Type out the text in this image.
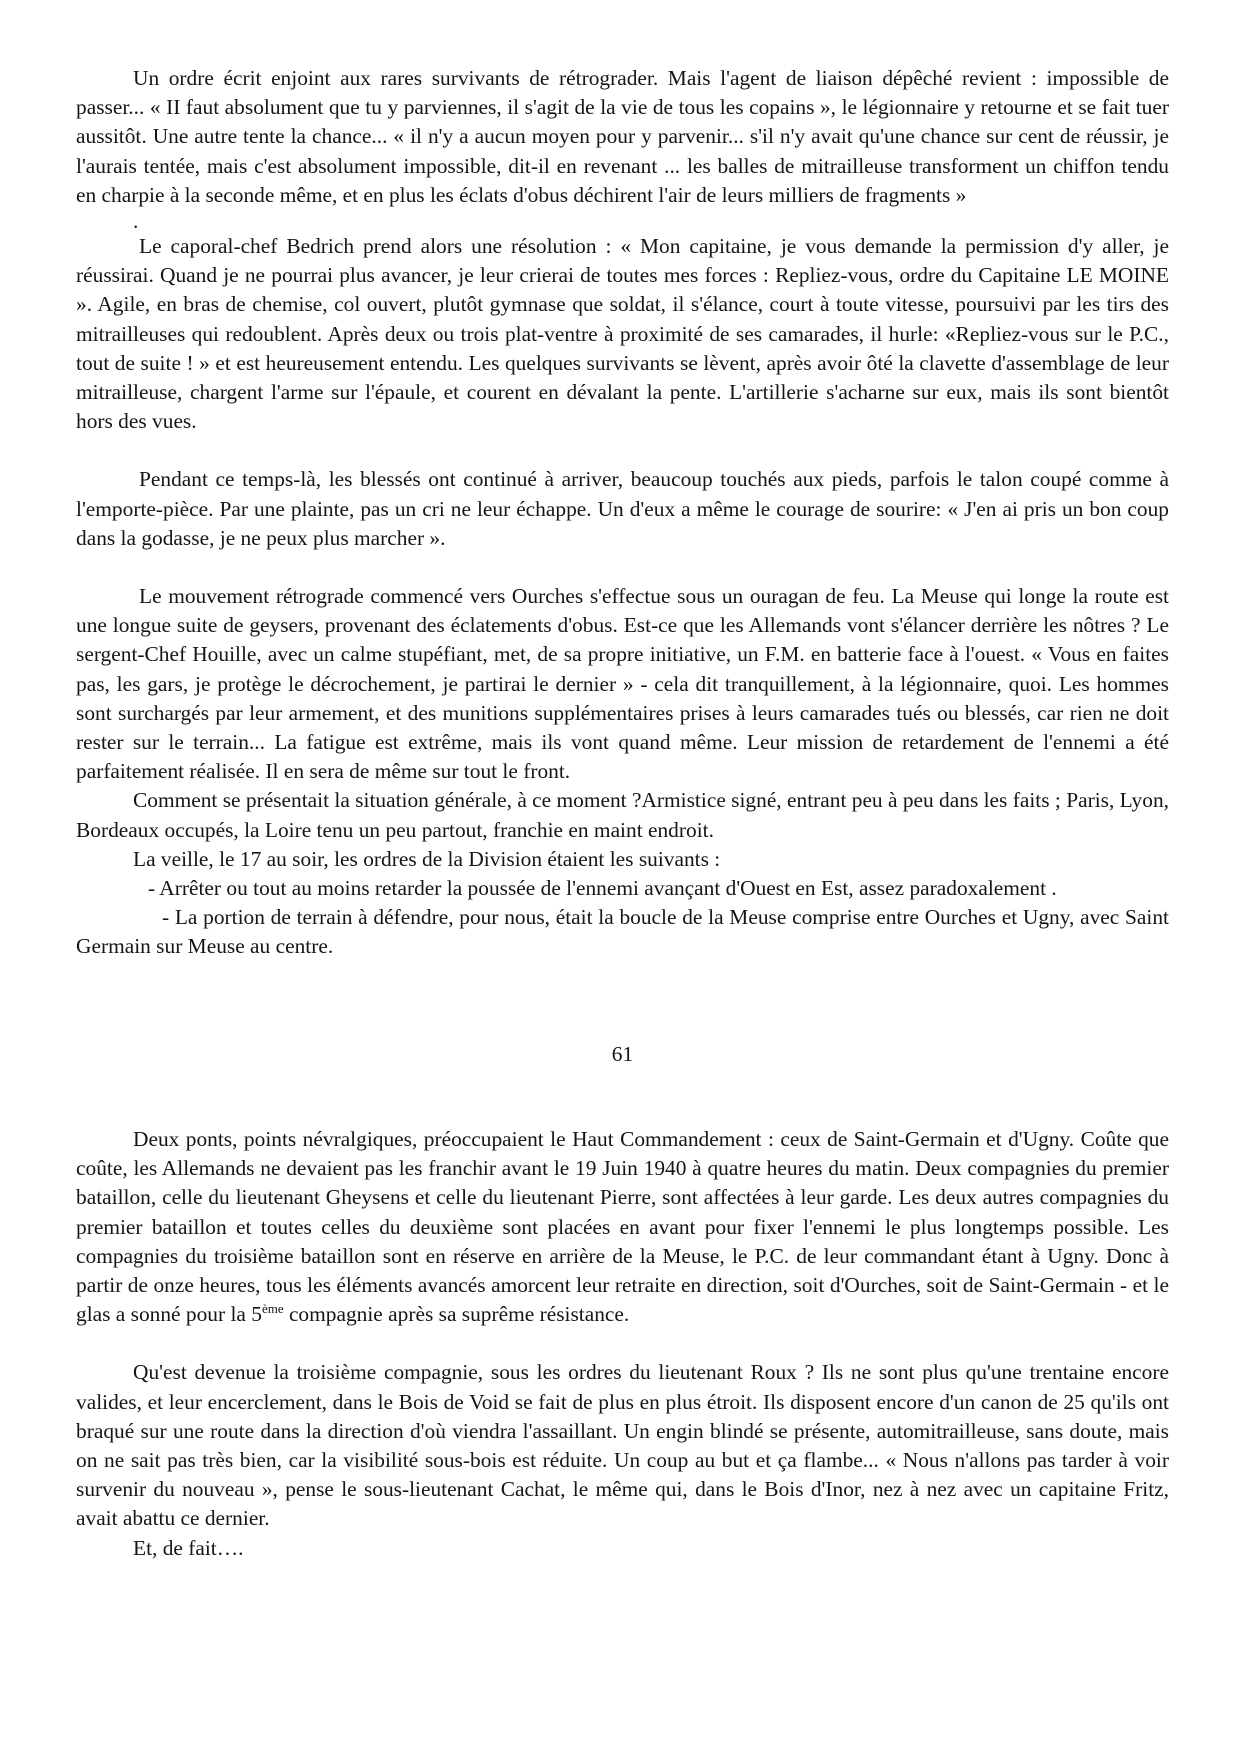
Un ordre écrit enjoint aux rares survivants de rétrograder. Mais l'agent de liaison dépêché revient : impossible de passer... « II faut absolument que tu y parviennes, il s'agit de la vie de tous les copains », le légionnaire y retourne et se fait tuer aussitôt. Une autre tente la chance... « il n'y a aucun moyen pour y parvenir... s'il n'y avait qu'une chance sur cent de réussir, je l'aurais tentée, mais c'est absolument impossible, dit-il en revenant ... les balles de mitrailleuse transforment un chiffon tendu en charpie à la seconde même, et en plus les éclats d'obus déchirent l'air de leurs milliers de fragments »

.

Le caporal-chef Bedrich prend alors une résolution : « Mon capitaine, je vous demande la permission d'y aller, je réussirai. Quand je ne pourrai plus avancer, je leur crierai de toutes mes forces : Repliez-vous, ordre du Capitaine LE MOINE ». Agile, en bras de chemise, col ouvert, plutôt gymnase que soldat, il s'élance, court à toute vitesse, poursuivi par les tirs des mitrailleuses qui redoublent. Après deux ou trois plat-ventre à proximité de ses camarades, il hurle: «Repliez-vous sur le P.C., tout de suite ! » et est heureusement entendu. Les quelques survivants se lèvent, après avoir ôté la clavette d'assemblage de leur mitrailleuse, chargent l'arme sur l'épaule, et courent en dévalant la pente. L'artillerie s'acharne sur eux, mais ils sont bientôt hors des vues.

Pendant ce temps-là, les blessés ont continué à arriver, beaucoup touchés aux pieds, parfois le talon coupé comme à l'emporte-pièce. Par une plainte, pas un cri ne leur échappe. Un d'eux a même le courage de sourire: « J'en ai pris un bon coup dans la godasse, je ne peux plus marcher ».

Le mouvement rétrograde commencé vers Ourches s'effectue sous un ouragan de feu. La Meuse qui longe la route est une longue suite de geysers, provenant des éclatements d'obus. Est-ce que les Allemands vont s'élancer derrière les nôtres ? Le sergent-Chef Houille, avec un calme stupéfiant, met, de sa propre initiative, un F.M. en batterie face à l'ouest. « Vous en faites pas, les gars, je protège le décrochement, je partirai le dernier » - cela dit tranquillement, à la légionnaire, quoi. Les hommes sont surchargés par leur armement, et des munitions supplémentaires prises à leurs camarades tués ou blessés, car rien ne doit rester sur le terrain... La fatigue est extrême, mais ils vont quand même. Leur mission de retardement de l'ennemi a été parfaitement réalisée. Il en sera de même sur tout le front.

Comment se présentait la situation générale, à ce moment ?Armistice signé, entrant peu à peu dans les faits ; Paris, Lyon, Bordeaux occupés, la Loire tenu un peu partout, franchie en maint endroit.

La veille, le 17 au soir, les ordres de la Division étaient les suivants :

- Arrêter ou tout au moins retarder la poussée de l'ennemi avançant d'Ouest en Est, assez paradoxalement .

- La portion de terrain à défendre, pour nous, était la boucle de la Meuse comprise entre Ourches et Ugny, avec Saint Germain sur Meuse au centre.

61

Deux ponts, points névralgiques, préoccupaient le Haut Commandement : ceux de Saint-Germain et d'Ugny. Coûte que coûte, les Allemands ne devaient pas les franchir avant le 19 Juin 1940 à quatre heures du matin. Deux compagnies du premier bataillon, celle du lieutenant Gheysens et celle du lieutenant Pierre, sont affectées à leur garde. Les deux autres compagnies du premier bataillon et toutes celles du deuxième sont placées en avant pour fixer l'ennemi le plus longtemps possible. Les compagnies du troisième bataillon sont en réserve en arrière de la Meuse, le P.C. de leur commandant étant à Ugny. Donc à partir de onze heures, tous les éléments avancés amorcent leur retraite en direction, soit d'Ourches, soit de Saint-Germain - et le glas a sonné pour la 5ème compagnie après sa suprême résistance.

Qu'est devenue la troisième compagnie, sous les ordres du lieutenant Roux ? Ils ne sont plus qu'une trentaine encore valides, et leur encerclement, dans le Bois de Void se fait de plus en plus étroit. Ils disposent encore d'un canon de 25 qu'ils ont braqué sur une route dans la direction d'où viendra l'assaillant. Un engin blindé se présente, automitrailleuse, sans doute, mais on ne sait pas très bien, car la visibilité sous-bois est réduite. Un coup au but et ça flambe... « Nous n'allons pas tarder à voir survenir du nouveau », pense le sous-lieutenant Cachat, le même qui, dans le Bois d'Inor, nez à nez avec un capitaine Fritz, avait abattu ce dernier.

Et, de fait….
